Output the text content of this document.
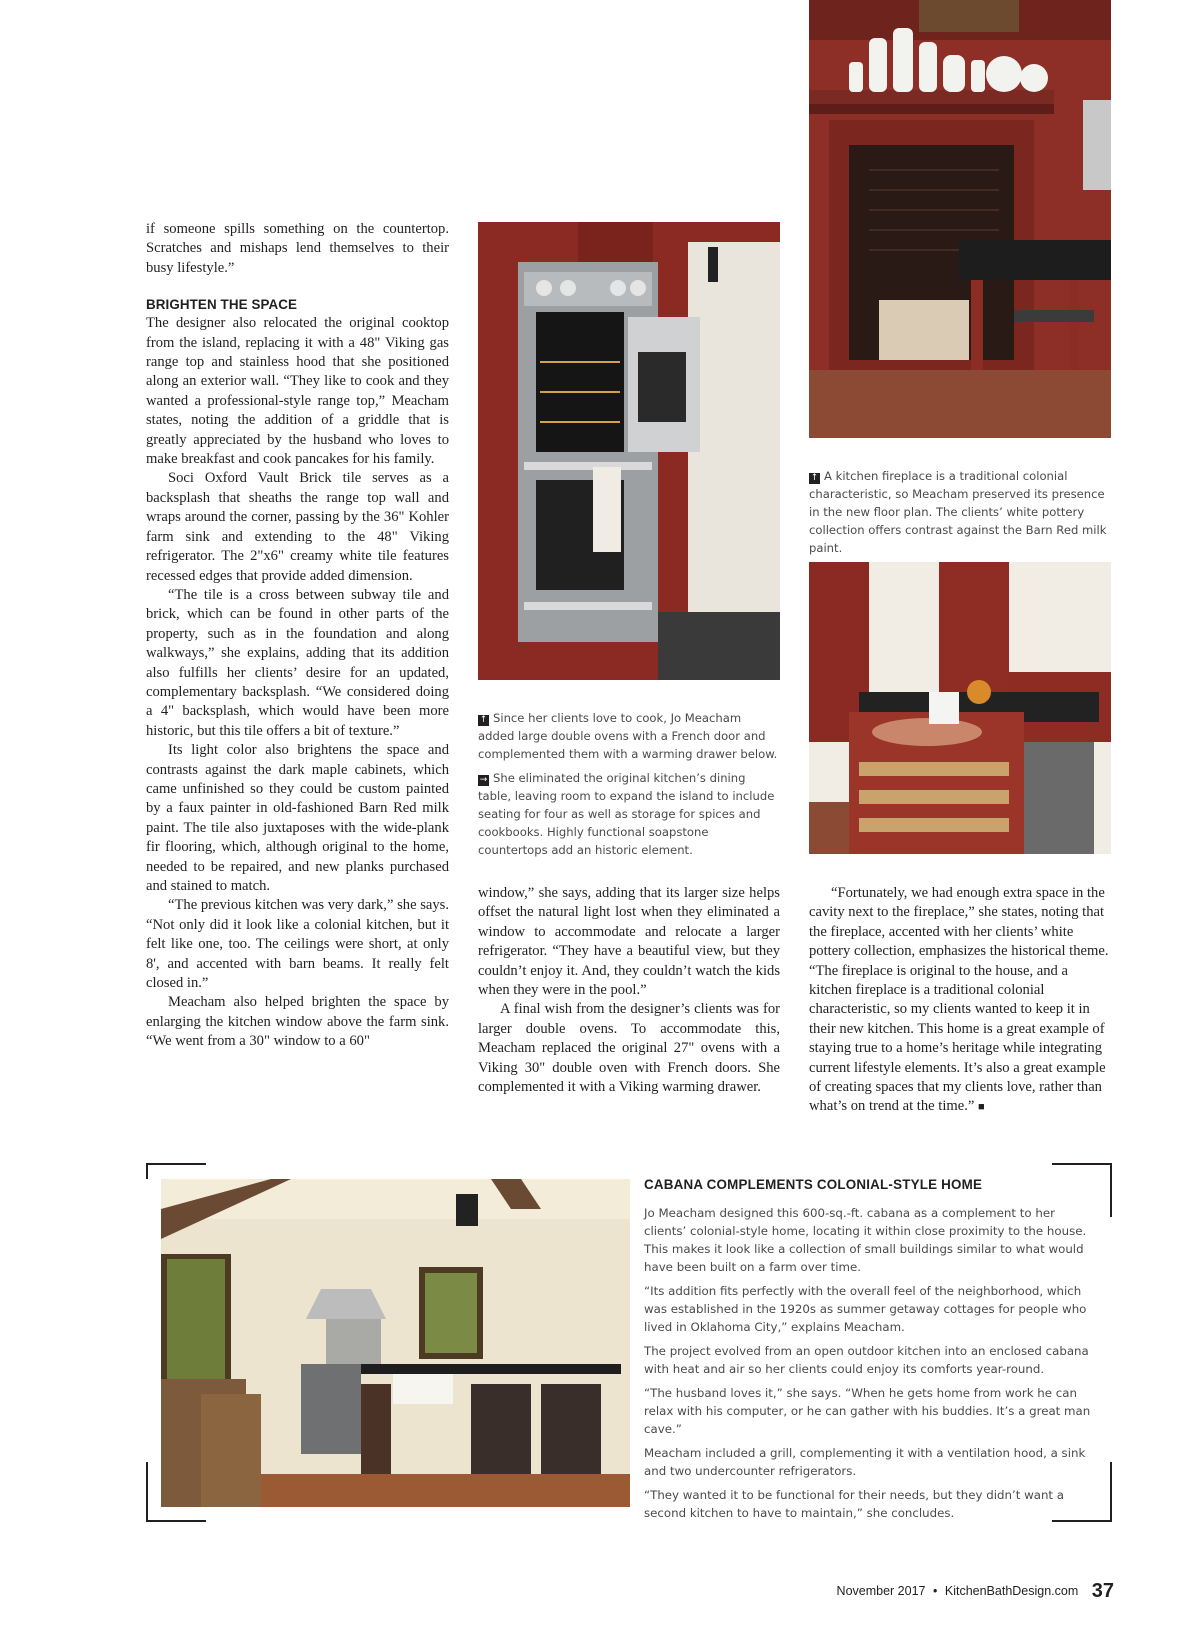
if someone spills something on the countertop. Scratches and mishaps lend themselves to their busy lifestyle.”

BRIGHTEN THE SPACE

The designer also relocated the original cooktop from the island, replacing it with a 48" Viking gas range top and stainless hood that she positioned along an exterior wall. “They like to cook and they wanted a professional-style range top,” Meacham states, noting the addition of a griddle that is greatly appreciated by the husband who loves to make breakfast and cook pancakes for his family.

Soci Oxford Vault Brick tile serves as a backsplash that sheaths the range top wall and wraps around the corner, passing by the 36" Kohler farm sink and extending to the 48" Viking refrigerator. The 2"x6" creamy white tile features recessed edges that provide added dimension.

“The tile is a cross between subway tile and brick, which can be found in other parts of the property, such as in the foundation and along walkways,” she explains, adding that its addition also fulfills her clients’ desire for an updated, complementary backsplash. “We considered doing a 4" backsplash, which would have been more historic, but this tile offers a bit of texture.”

Its light color also brightens the space and contrasts against the dark maple cabinets, which came unfinished so they could be custom painted by a faux painter in old-fashioned Barn Red milk paint. The tile also juxtaposes with the wide-plank fir flooring, which, although original to the home, needed to be repaired, and new planks purchased and stained to match.

“The previous kitchen was very dark,” she says. “Not only did it look like a colonial kitchen, but it felt like one, too. The ceilings were short, at only 8', and accented with barn beams. It really felt closed in.”

Meacham also helped brighten the space by enlarging the kitchen window above the farm sink. “We went from a 30" window to a 60"

window,” she says, adding that its larger size helps offset the natural light lost when they eliminated a window to accommodate and relocate a larger refrigerator. “They have a beautiful view, but they couldn’t enjoy it. And, they couldn’t watch the kids when they were in the pool.”

A final wish from the designer’s clients was for larger double ovens. To accommodate this, Meacham replaced the original 27" ovens with a Viking 30" double oven with French doors. She complemented it with a Viking warming drawer.

“Fortunately, we had enough extra space in the cavity next to the fireplace,” she states, noting that the fireplace, accented with her clients’ white pottery collection, emphasizes the historical theme. “The fireplace is original to the house, and a kitchen fireplace is a traditional colonial characteristic, so my clients wanted to keep it in their new kitchen. This home is a great example of staying true to a home’s heritage while integrating current lifestyle elements. It’s also a great example of creating spaces that my clients love, rather than what’s on trend at the time.” ■

↑ A kitchen fireplace is a traditional colonial characteristic, so Meacham preserved its presence in the new floor plan. The clients’ white pottery collection offers contrast against the Barn Red milk paint.

↑ Since her clients love to cook, Jo Meacham added large double ovens with a French door and complemented them with a warming drawer below.

→ She eliminated the original kitchen’s dining table, leaving room to expand the island to include seating for four as well as storage for spices and cookbooks. Highly functional soapstone countertops add an historic element.

CABANA COMPLEMENTS COLONIAL-STYLE HOME

Jo Meacham designed this 600-sq.-ft. cabana as a complement to her clients’ colonial-style home, locating it within close proximity to the house. This makes it look like a collection of small buildings similar to what would have been built on a farm over time.

“Its addition fits perfectly with the overall feel of the neighborhood, which was established in the 1920s as summer getaway cottages for people who lived in Oklahoma City,” explains Meacham.

The project evolved from an open outdoor kitchen into an enclosed cabana with heat and air so her clients could enjoy its comforts year-round.

“The husband loves it,” she says. “When he gets home from work he can relax with his computer, or he can gather with his buddies. It’s a great man cave.”

Meacham included a grill, complementing it with a ventilation hood, a sink and two undercounter refrigerators.

“They wanted it to be functional for their needs, but they didn’t want a second kitchen to have to maintain,” she concludes.

November 2017 • KitchenBathDesign.com 37
